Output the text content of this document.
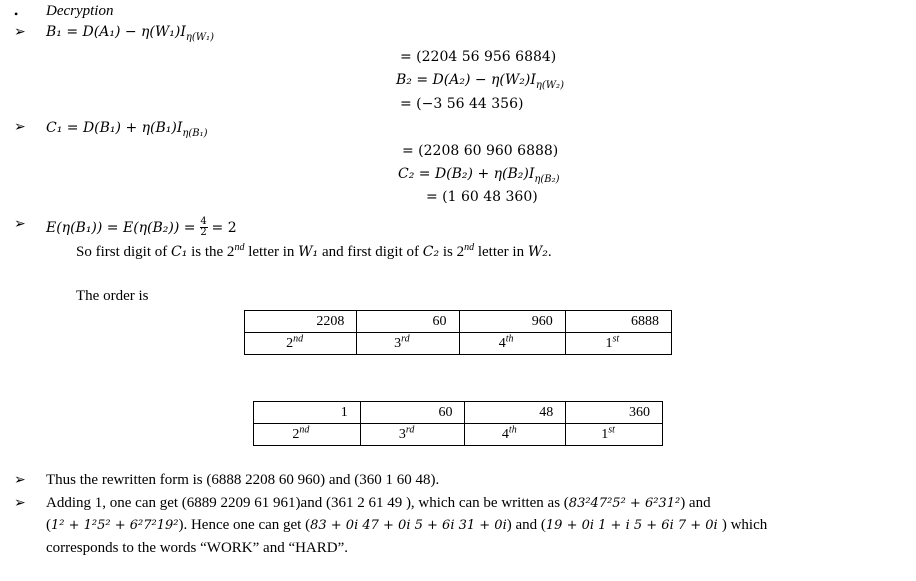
• Decryption
➢ $B_1 = D(A_1) - \eta(W_1)I_{\eta(W_1)}$
= (2204 56 956 6884)
$B_2 = D(A_2) - \eta(W_2)I_{\eta(W_2)}$
= (−3 56 44 356)
➢ $C_1 = D(B_1) + \eta(B_1)I_{\eta(B_1)}$
= (2208 60 960 6888)
$C_2 = D(B_2) + \eta(B_2)I_{\eta(B_2)}$
= (1 60 48 360)
➢ E(η(B₁)) = E(η(B₂)) = 4
2 = 2
So first digit of C₁ is the 2nd letter in W₁ and first digit of C₂ is 2nd letter in W₂.
The order is
2208	60	960	6888
2nd	3rd	4th	1st
1	60	48	360
2nd	3rd	4th	1st
➢ Thus the rewritten form is (6888 2208 60 960) and (360 1 60 48).
➢ Adding 1, one can get (6889 2209 61 961)and (361 2 61 49 ), which can be written as (83²47²5² + 6²31²) and
(1² + 1²5² + 6²7²19²). Hence one can get (83 + 0i 47 + 0i 5 + 6i 31 + 0i) and (19 + 0i 1 + i 5 + 6i 7 + 0i ) which
corresponds to the words “WORK” and “HARD”.
